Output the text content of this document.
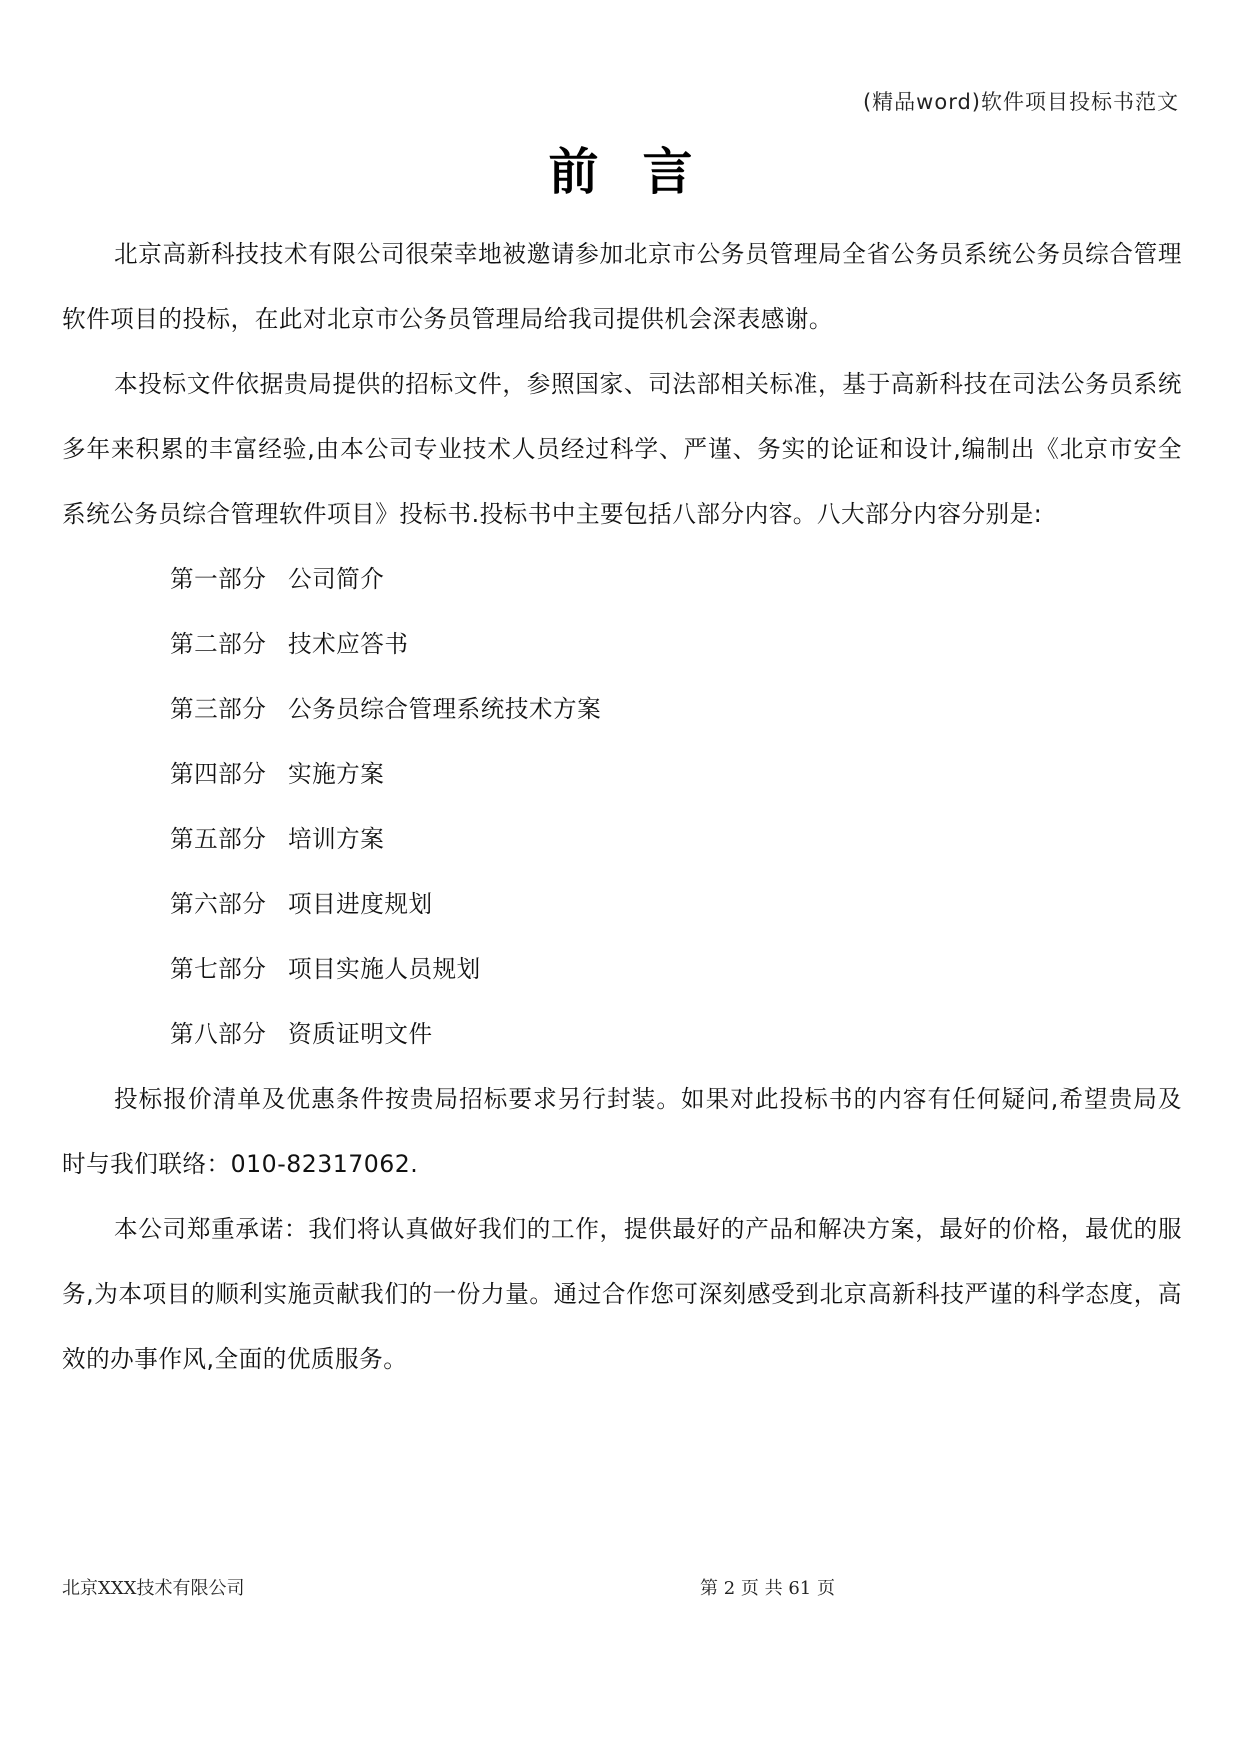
(精品word)软件项目投标书范文
前言

北京高新科技技术有限公司很荣幸地被邀请参加北京市公务员管理局全省公务员系统公务员综合管理软件项目的投标，在此对北京市公务员管理局给我司提供机会深表感谢。

本投标文件依据贵局提供的招标文件，参照国家、司法部相关标准，基于高新科技在司法公务员系统多年来积累的丰富经验,由本公司专业技术人员经过科学、严谨、务实的论证和设计,编制出《北京市安全系统公务员综合管理软件项目》投标书.投标书中主要包括八部分内容。八大部分内容分别是:

第一部分 公司简介
第二部分 技术应答书
第三部分 公务员综合管理系统技术方案
第四部分 实施方案
第五部分 培训方案
第六部分 项目进度规划
第七部分 项目实施人员规划
第八部分 资质证明文件

投标报价清单及优惠条件按贵局招标要求另行封装。如果对此投标书的内容有任何疑问,希望贵局及时与我们联络：010-82317062.

本公司郑重承诺：我们将认真做好我们的工作，提供最好的产品和解决方案，最好的价格，最优的服务,为本项目的顺利实施贡献我们的一份力量。通过合作您可深刻感受到北京高新科技严谨的科学态度，高效的办事作风,全面的优质服务。

北京XXX技术有限公司	第 2 页 共 61 页
